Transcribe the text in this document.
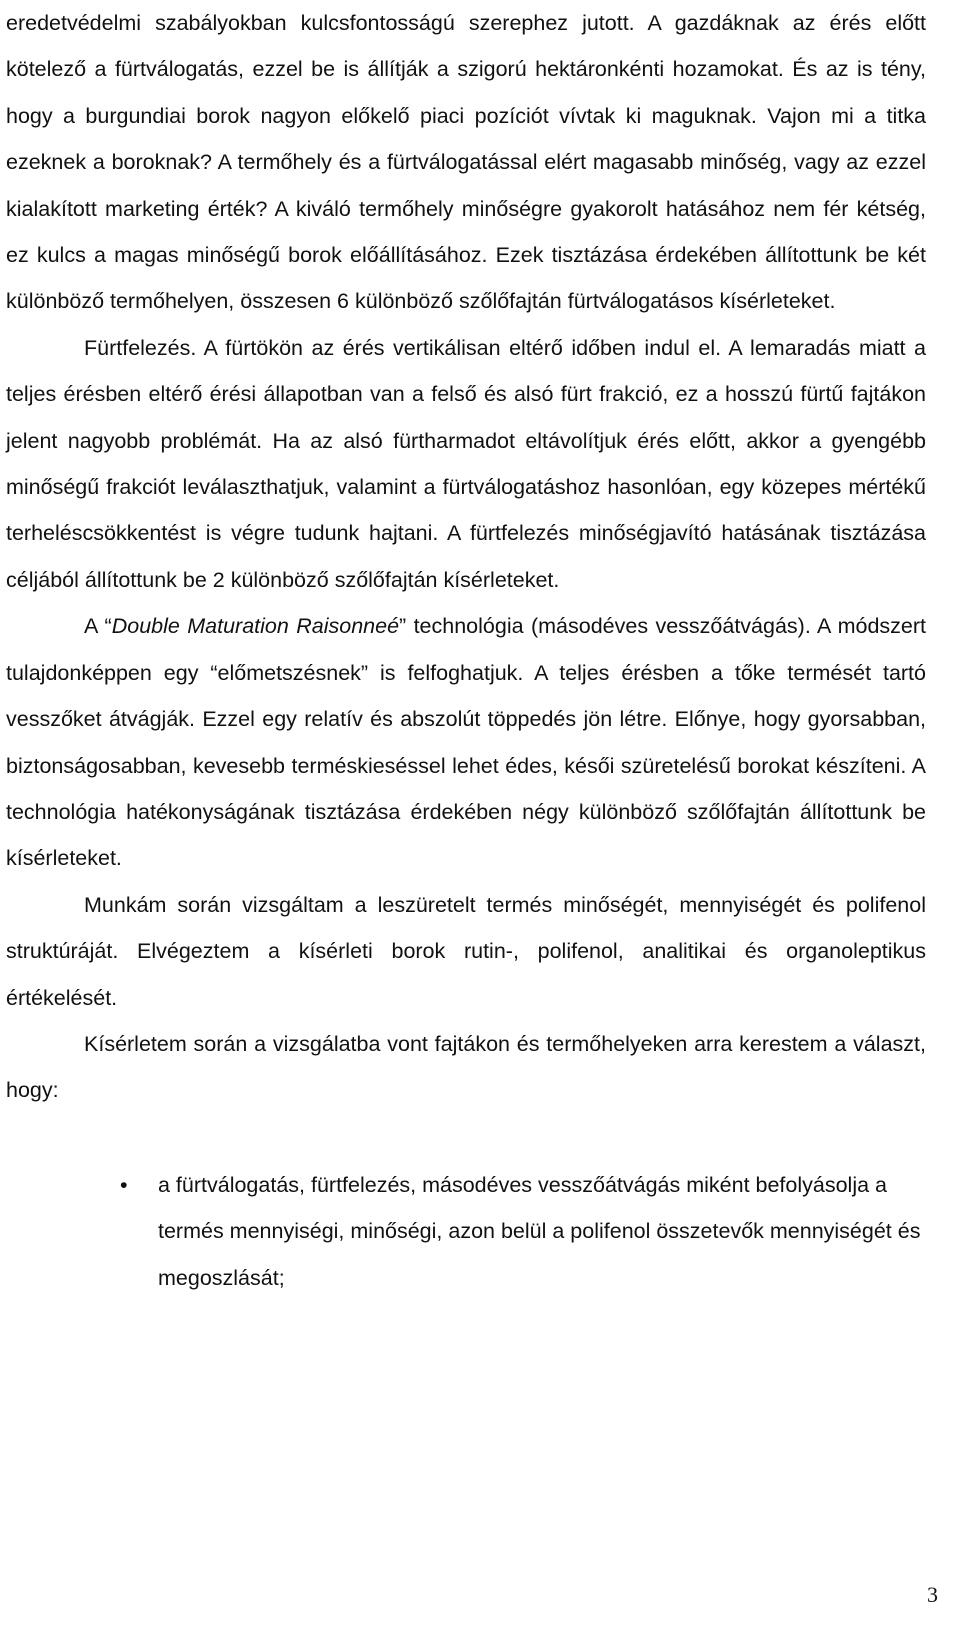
eredetvédelmi szabályokban kulcsfontosságú szerephez jutott. A gazdáknak az érés előtt kötelező a fürtválogatás, ezzel be is állítják a szigorú hektáronkénti hozamokat. És az is tény, hogy a burgundiai borok nagyon előkelő piaci pozíciót vívtak ki maguknak. Vajon mi a titka ezeknek a boroknak? A termőhely és a fürtválogatással elért magasabb minőség, vagy az ezzel kialakított marketing érték? A kiváló termőhely minőségre gyakorolt hatásához nem fér kétség, ez kulcs a magas minőségű borok előállításához. Ezek tisztázása érdekében állítottunk be két különböző termőhelyen, összesen 6 különböző szőlőfajtán fürtválogatásos kísérleteket.

Fürtfelezés. A fürtökön az érés vertikálisan eltérő időben indul el. A lemaradás miatt a teljes érésben eltérő érési állapotban van a felső és alsó fürt frakció, ez a hosszú fürtű fajtákon jelent nagyobb problémát. Ha az alsó fürtharmadot eltávolítjuk érés előtt, akkor a gyengébb minőségű frakciót leválaszthatjuk, valamint a fürtválogatáshoz hasonlóan, egy közepes mértékű terheléscsökkentést is végre tudunk hajtani. A fürtfelezés minőségjavító hatásának tisztázása céljából állítottunk be 2 különböző szőlőfajtán kísérleteket.

A “Double Maturation Raisonneé” technológia (másodéves vesszőátvágás). A módszert tulajdonképpen egy “előmetszésnek” is felfoghatjuk. A teljes érésben a tőke termését tartó vesszőket átvágják. Ezzel egy relatív és abszolút töppedés jön létre. Előnye, hogy gyorsabban, biztonságosabban, kevesebb terméskieséssel lehet édes, késői szüretelésű borokat készíteni. A technológia hatékonyságának tisztázása érdekében négy különböző szőlőfajtán állítottunk be kísérleteket.

Munkám során vizsgáltam a leszüretelt termés minőségét, mennyiségét és polifenol struktúráját. Elvégeztem a kísérleti borok rutin-, polifenol, analitikai és organoleptikus értékelését.

Kísérletem során a vizsgálatba vont fajtákon és termőhelyeken arra kerestem a választ, hogy:

• a fürtválogatás, fürtfelezés, másodéves vesszőátvágás miként befolyásolja a termés mennyiségi, minőségi, azon belül a polifenol összetevők mennyiségét és megoszlását;
3
